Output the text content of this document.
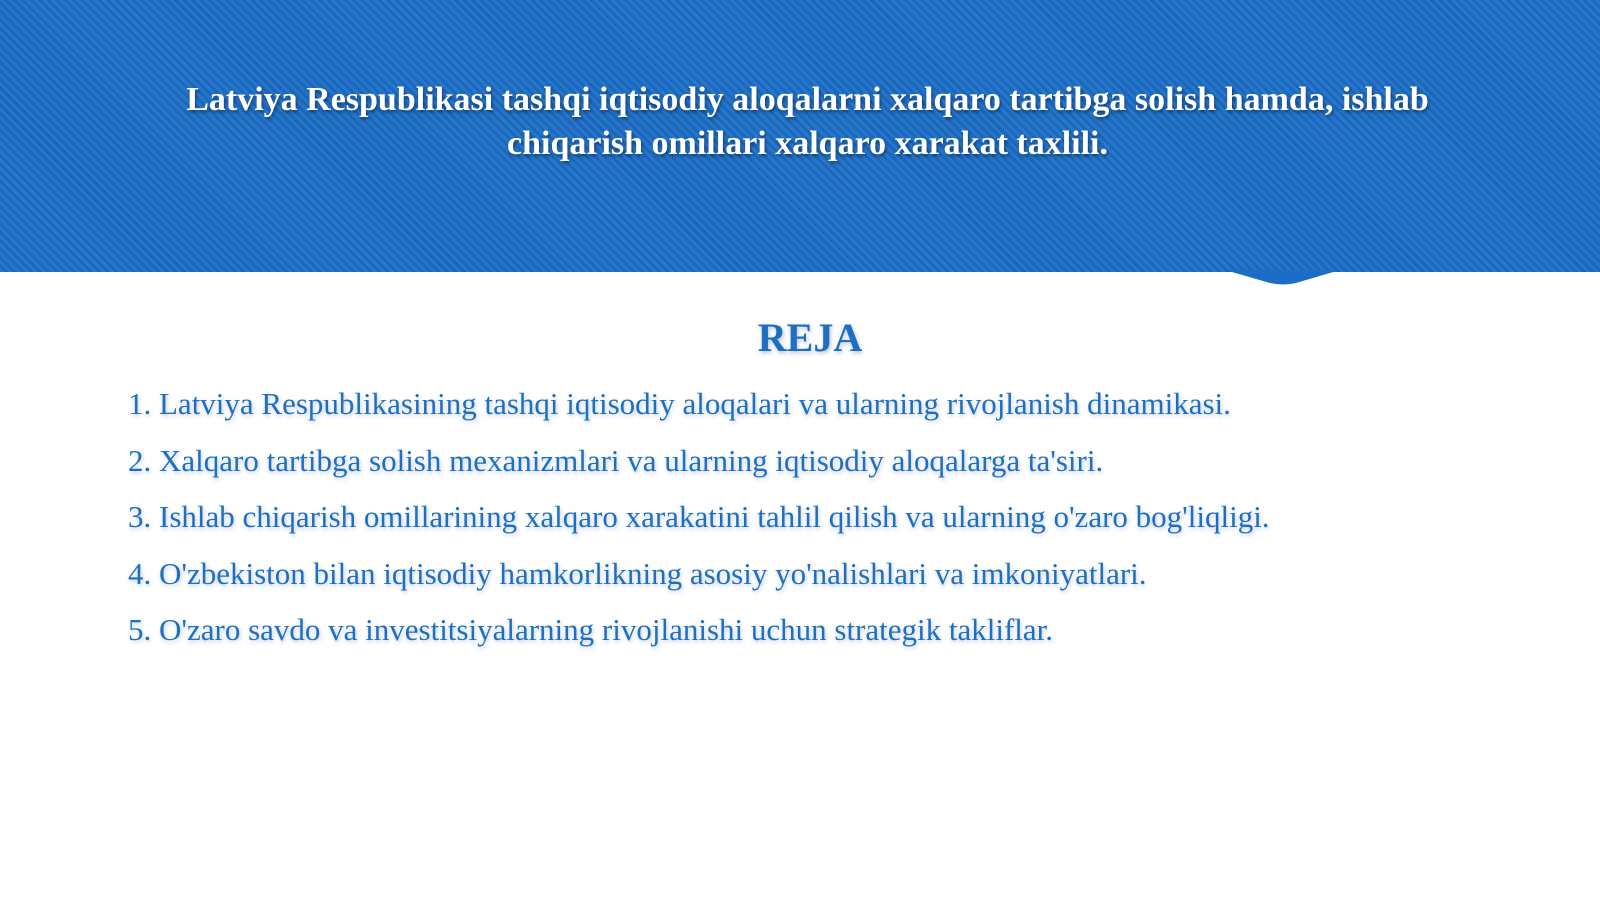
Latviya Respublikasi tashqi iqtisodiy aloqalarni xalqaro tartibga solish hamda, ishlab chiqarish omillari xalqaro xarakat taxlili.
REJA
1. Latviya Respublikasining tashqi iqtisodiy aloqalari va ularning rivojlanish dinamikasi.
2. Xalqaro tartibga solish mexanizmlari va ularning iqtisodiy aloqalarga ta'siri.
3. Ishlab chiqarish omillarining xalqaro xarakatini tahlil qilish va ularning o'zaro bog'liqligi.
4. O'zbekiston bilan iqtisodiy hamkorlikning asosiy yo'nalishlari va imkoniyatlari.
5. O'zaro savdo va investitsiyalarning rivojlanishi uchun strategik takliflar.
